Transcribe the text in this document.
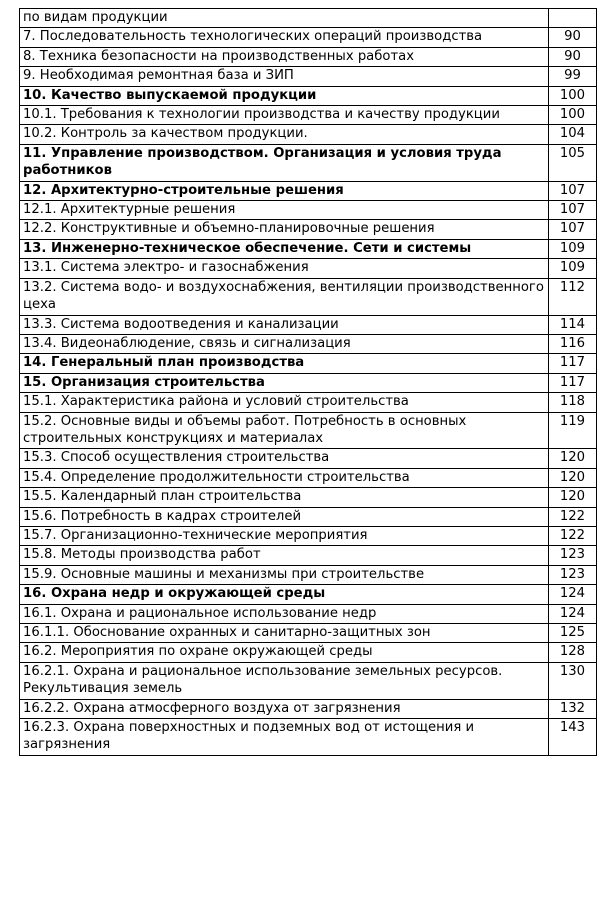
по видам продукции	
7. Последовательность технологических операций производства	90
8. Техника безопасности на производственных работах	90
9. Необходимая ремонтная база и ЗИП	99
10. Качество выпускаемой продукции	100
10.1. Требования к технологии производства и качеству продукции	100
10.2. Контроль за качеством продукции.	104
11. Управление производством. Организация и условия труда работников	105
12. Архитектурно-строительные решения	107
12.1. Архитектурные решения	107
12.2. Конструктивные и объемно-планировочные решения	107
13. Инженерно-техническое обеспечение. Сети и системы	109
13.1. Система электро- и газоснабжения	109
13.2. Система водо- и воздухоснабжения, вентиляции производственного цеха	112
13.3. Система водоотведения и канализации	114
13.4. Видеонаблюдение, связь и сигнализация	116
14. Генеральный план производства	117
15. Организация строительства	117
15.1. Характеристика района и условий строительства	118
15.2. Основные виды и объемы работ. Потребность в основных строительных конструкциях и материалах	119
15.3. Способ осуществления строительства	120
15.4. Определение продолжительности строительства	120
15.5. Календарный план строительства	120
15.6. Потребность в кадрах строителей	122
15.7. Организационно-технические мероприятия	122
15.8. Методы производства работ	123
15.9. Основные машины и механизмы при строительстве	123
16. Охрана недр и окружающей среды	124
16.1. Охрана и рациональное использование недр	124
16.1.1. Обоснование охранных и санитарно-защитных зон	125
16.2. Мероприятия по охране окружающей среды	128
16.2.1. Охрана и рациональное использование земельных ресурсов. Рекультивация земель	130
16.2.2. Охрана атмосферного воздуха от загрязнения	132
16.2.3. Охрана поверхностных и подземных вод от истощения и загрязнения	143
